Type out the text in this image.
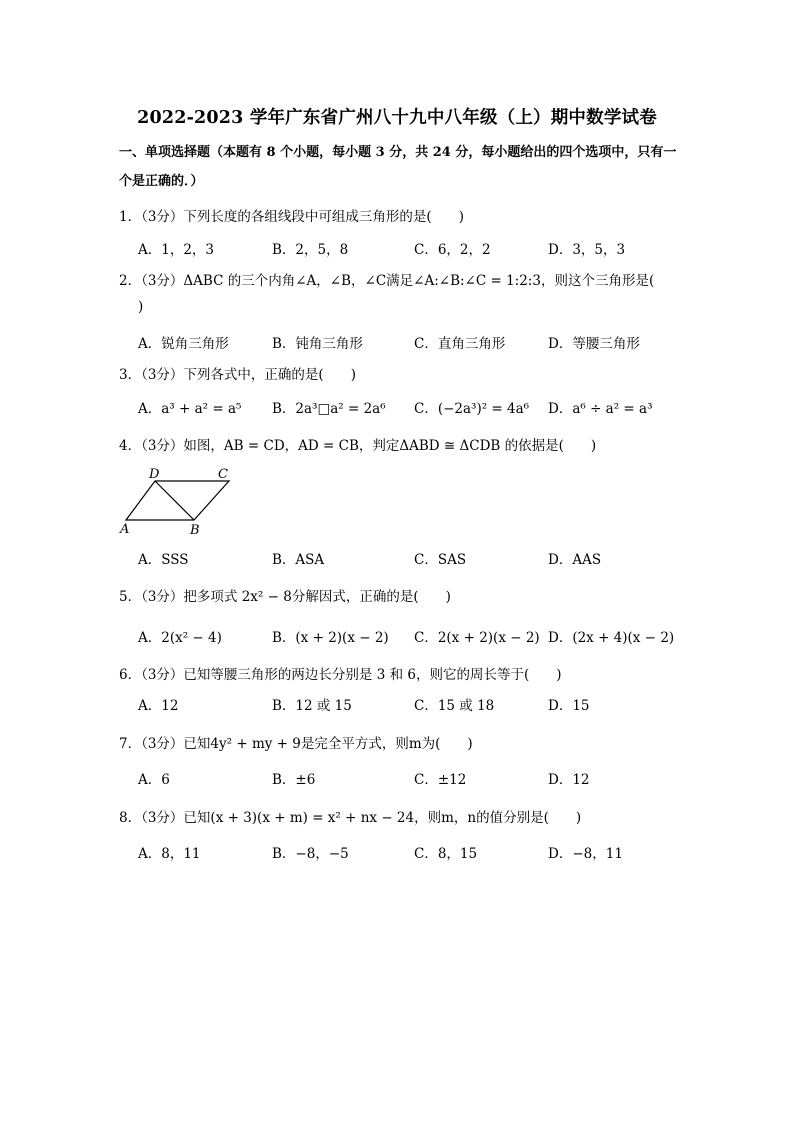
2022-2023 学年广东省广州八十九中八年级（上）期中数学试卷
一、单项选择题（本题有 8 个小题，每小题 3 分，共 24 分，每小题给出的四个选项中，只有一个是正确的．）
1．（3分）下列长度的各组线段中可组成三角形的是(　　)
A．1，2，3	B．2，5，8	C．6，2，2	D．3，5，3
2．（3分）ΔABC 的三个内角∠A，∠B，∠C满足∠A:∠B:∠C = 1:2:3，则这个三角形是(
)
A．锐角三角形	B．钝角三角形	C．直角三角形	D．等腰三角形
3．（3分）下列各式中，正确的是(　　)
A．a³ + a² = a⁵ B．2a³□a² = 2a⁶ C．(−2a³)² = 4a⁶ D．a⁶ ÷ a² = a³
4．（3分）如图，AB = CD，AD = CB，判定ΔABD ≅ ΔCDB 的依据是(　　)
D	C
A	B
A．SSS	B．ASA	C．SAS	D．AAS
5．（3分）把多项式 2x² − 8分解因式，正确的是(　　)
A．2(x² − 4)	B．(x + 2)(x − 2) C．2(x + 2)(x − 2) D．(2x + 4)(x − 2)
6．（3分）已知等腰三角形的两边长分别是 3 和 6，则它的周长等于(　　)
A．12	B．12 或 15	C．15 或 18	D．15
7．（3分）已知4y² + my + 9是完全平方式，则m为(　　)
A．6	B．±6	C．±12	D．12
8．（3分）已知(x + 3)(x + m) = x² + nx − 24，则m，n的值分别是(　　)
A．8，11	B．−8，−5	C．8，15	D．−8，11
